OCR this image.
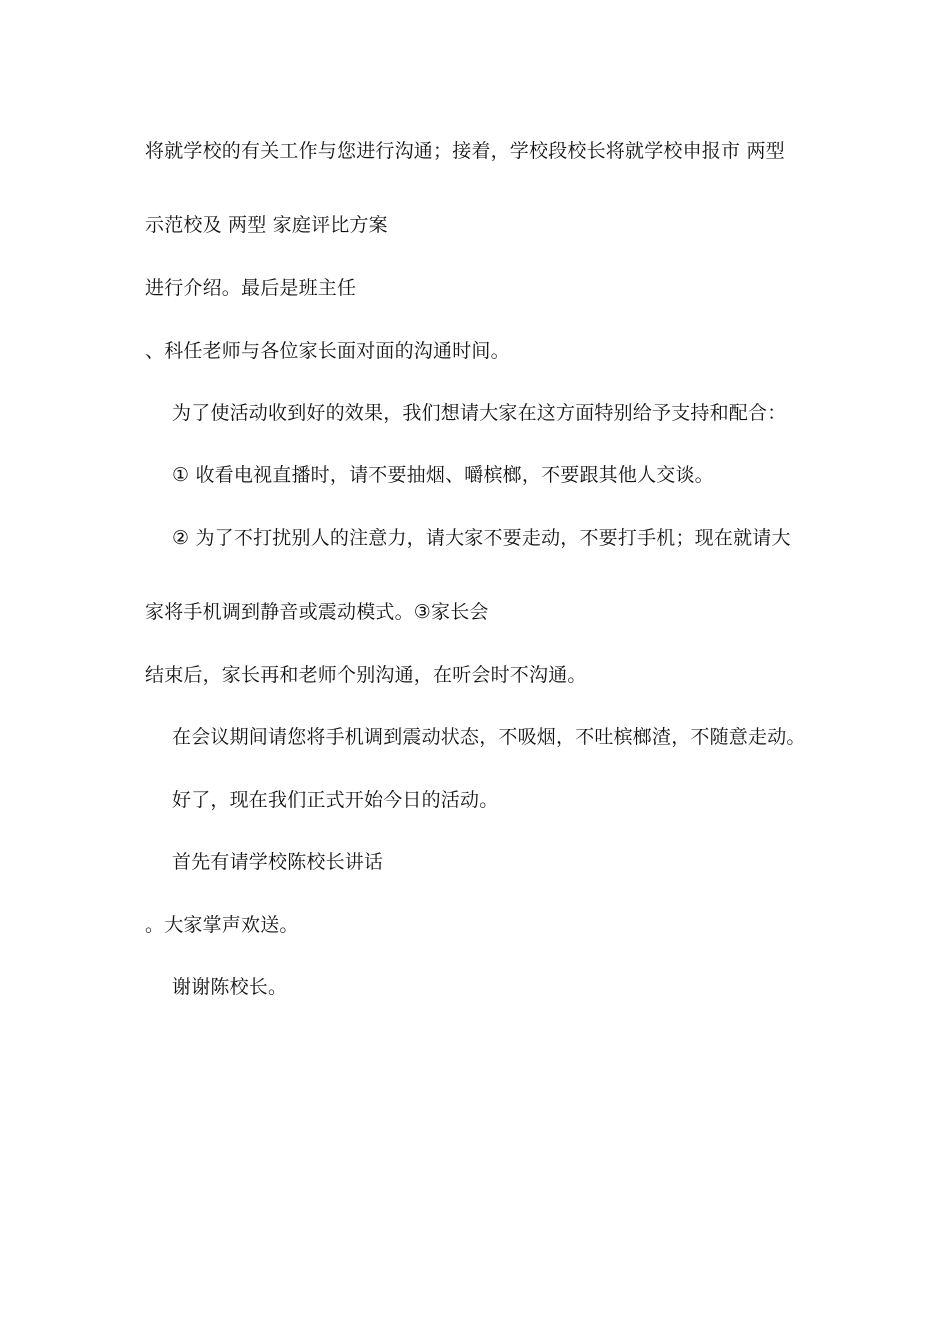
将就学校的有关工作与您进行沟通；接着，学校段校长将就学校申报市 两型
示范校及 两型 家庭评比方案
进行介绍。最后是班主任
、科任老师与各位家长面对面的沟通时间。
为了使活动收到好的效果，我们想请大家在这方面特别给予支持和配合：
① 收看电视直播时，请不要抽烟、嚼槟榔，不要跟其他人交谈。
② 为了不打扰别人的注意力，请大家不要走动，不要打手机；现在就请大
家将手机调到静音或震动模式。③家长会
结束后，家长再和老师个别沟通，在听会时不沟通。
在会议期间请您将手机调到震动状态，不吸烟，不吐槟榔渣，不随意走动。
好了，现在我们正式开始今日的活动。
首先有请学校陈校长讲话
。大家掌声欢送。
谢谢陈校长。
